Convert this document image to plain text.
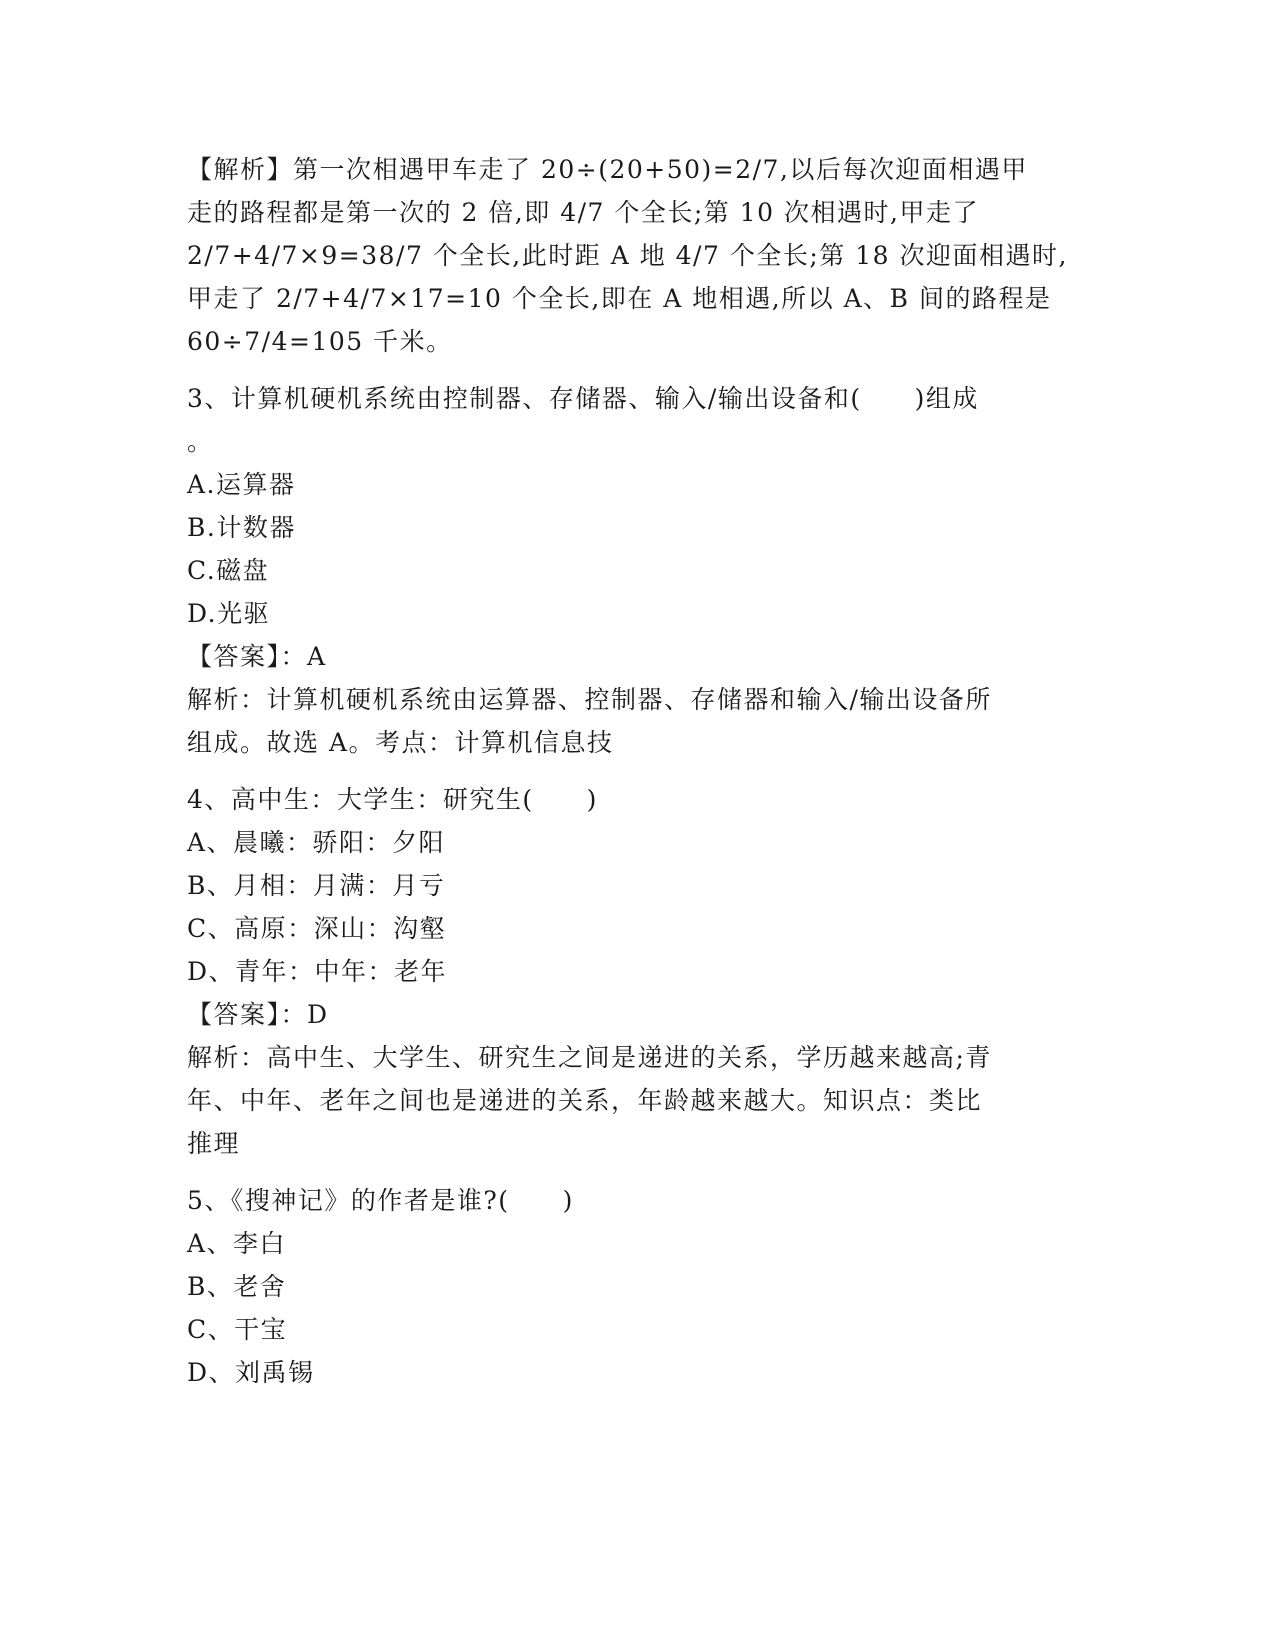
【解析】第一次相遇甲车走了 20÷(20+50)=2/7,以后每次迎面相遇甲
走的路程都是第一次的 2 倍,即 4/7 个全长;第 10 次相遇时,甲走了
2/7+4/7×9=38/7 个全长,此时距 A 地 4/7 个全长;第 18 次迎面相遇时,
甲走了 2/7+4/7×17=10 个全长,即在 A 地相遇,所以 A、B 间的路程是
60÷7/4=105 千米。
3、计算机硬机系统由控制器、存储器、输入/输出设备和(　　)组成
。
A.运算器
B.计数器
C.磁盘
D.光驱
【答案】：A
解析：计算机硬机系统由运算器、控制器、存储器和输入/输出设备所
组成。故选 A。考点：计算机信息技
4、高中生：大学生：研究生(　　)
A、晨曦：骄阳：夕阳
B、月相：月满：月亏
C、高原：深山：沟壑
D、青年：中年：老年
【答案】：D
解析：高中生、大学生、研究生之间是递进的关系，学历越来越高;青
年、中年、老年之间也是递进的关系，年龄越来越大。知识点：类比
推理
5、《搜神记》的作者是谁?(　　)
A、李白
B、老舍
C、干宝
D、刘禹锡
